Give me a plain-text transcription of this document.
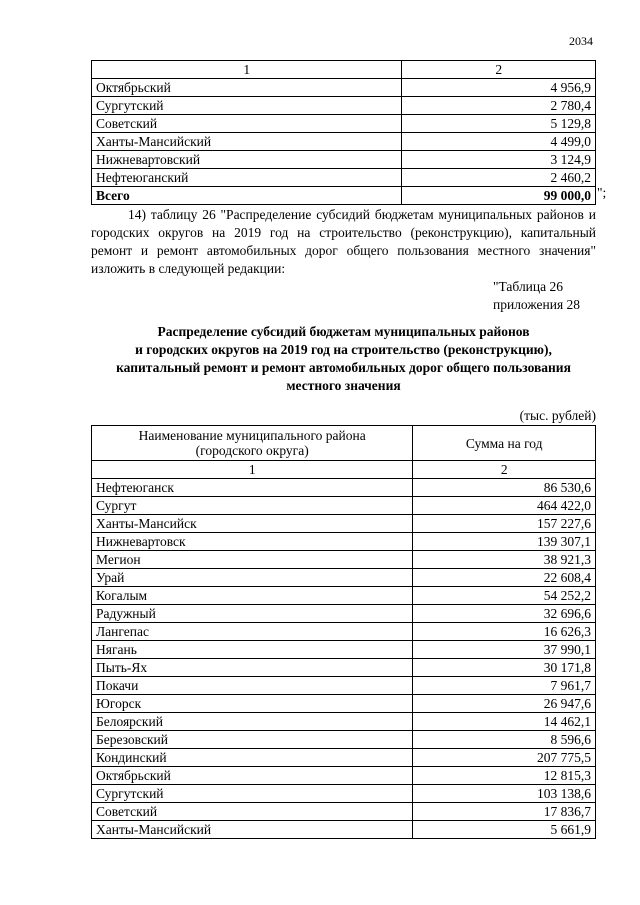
2034
1	2
Октябрьский	4 956,9
Сургутский	2 780,4
Советский	5 129,8
Ханты-Мансийский	4 499,0
Нижневартовский	3 124,9
Нефтеюганский	2 460,2
Всего	99 000,0 ";
14) таблицу 26 "Распределение субсидий бюджетам муниципальных районов и городских округов на 2019 год на строительство (реконструкцию), капитальный ремонт и ремонт автомобильных дорог общего пользования местного значения" изложить в следующей редакции:
"Таблица 26
приложения 28
Распределение субсидий бюджетам муниципальных районов
и городских округов на 2019 год на строительство (реконструкцию),
капитальный ремонт и ремонт автомобильных дорог общего пользования
местного значения
(тыс. рублей)
Наименование муниципального района
(городского округа)	Сумма на год
1	2
Нефтеюганск	86 530,6
Сургут	464 422,0
Ханты-Мансийск	157 227,6
Нижневартовск	139 307,1
Мегион	38 921,3
Урай	22 608,4
Когалым	54 252,2
Радужный	32 696,6
Лангепас	16 626,3
Нягань	37 990,1
Пыть-Ях	30 171,8
Покачи	7 961,7
Югорск	26 947,6
Белоярский	14 462,1
Березовский	8 596,6
Кондинский	207 775,5
Октябрьский	12 815,3
Сургутский	103 138,6
Советский	17 836,7
Ханты-Мансийский	5 661,9
